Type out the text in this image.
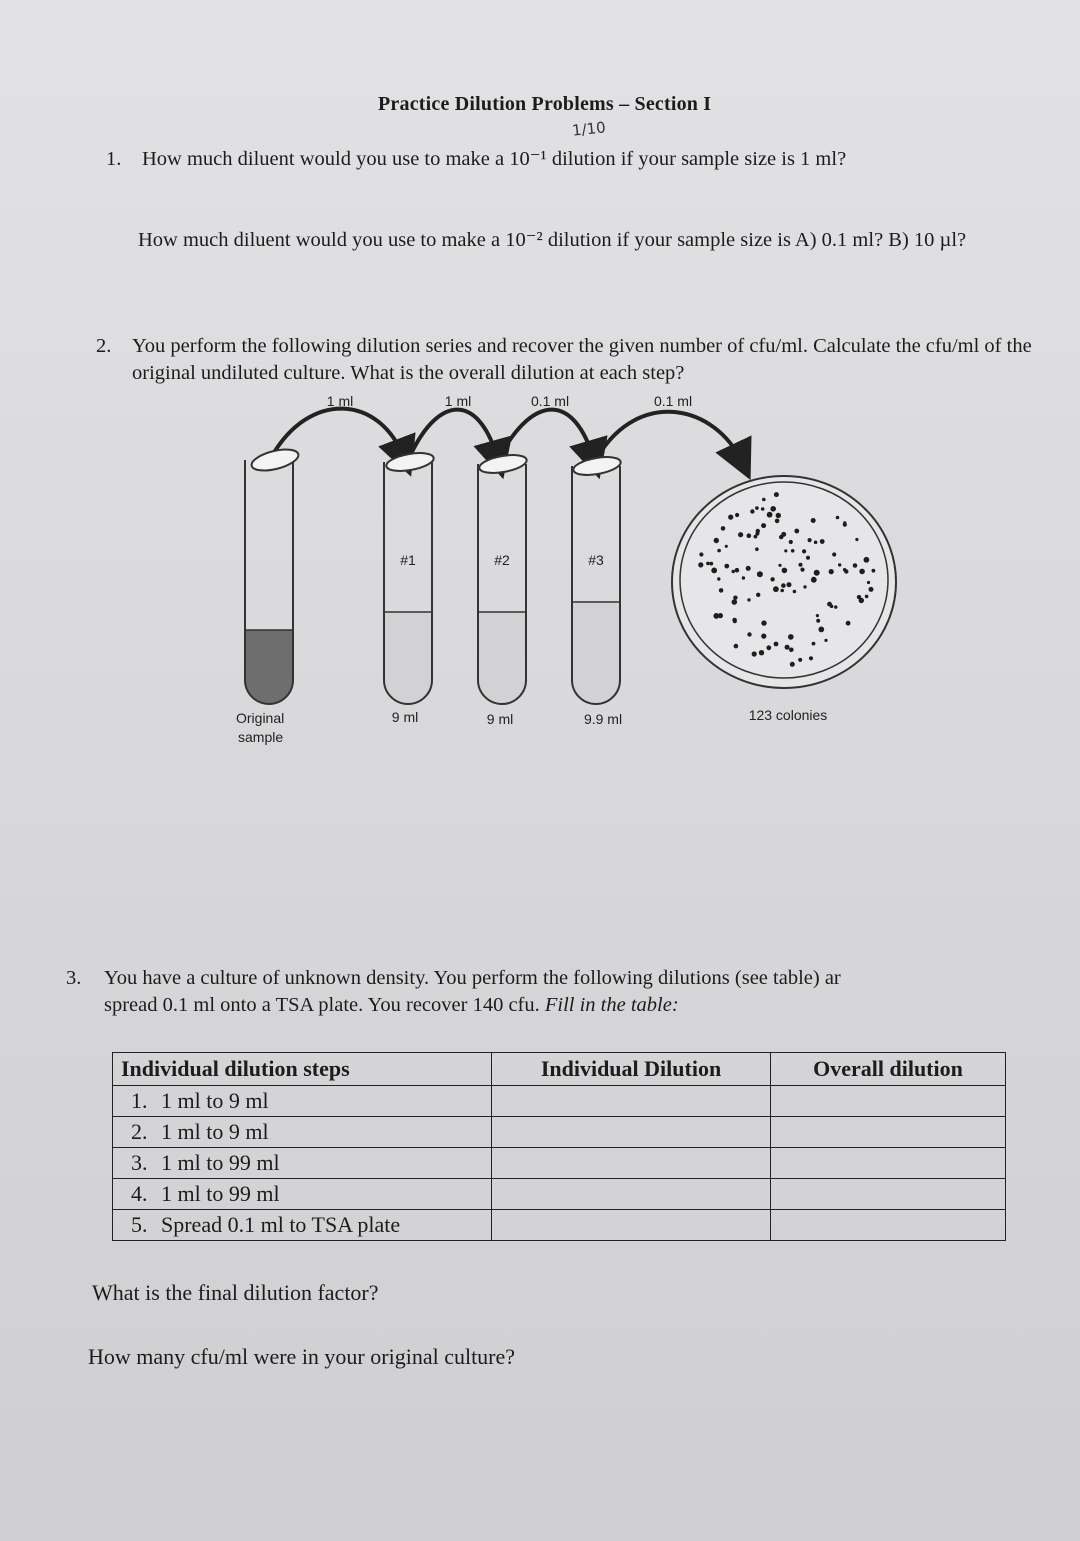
Practice Dilution Problems – Section I
1/10
1. How much diluent would you use to make a 10⁻¹ dilution if your sample size is 1 ml?
How much diluent would you use to make a 10⁻² dilution if your sample size is A) 0.1 ml? B) 10 µl?
2. You perform the following dilution series and recover the given number of cfu/ml. Calculate the cfu/ml of the original undiluted culture. What is the overall dilution at each step?
1 ml	1 ml	0.1 ml	0.1 ml
#1	#2	#3
Original
sample
9 ml	9 ml	9.9 ml	123 colonies
3. You have a culture of unknown density. You perform the following dilutions (see table) ar
spread 0.1 ml onto a TSA plate. You recover 140 cfu. Fill in the table:
Individual dilution steps	Individual Dilution	Overall dilution
1. 1 ml to 9 ml		
2. 1 ml to 9 ml		
3. 1 ml to 99 ml		
4. 1 ml to 99 ml		
5. Spread 0.1 ml to TSA plate		
What is the final dilution factor?
How many cfu/ml were in your original culture?
